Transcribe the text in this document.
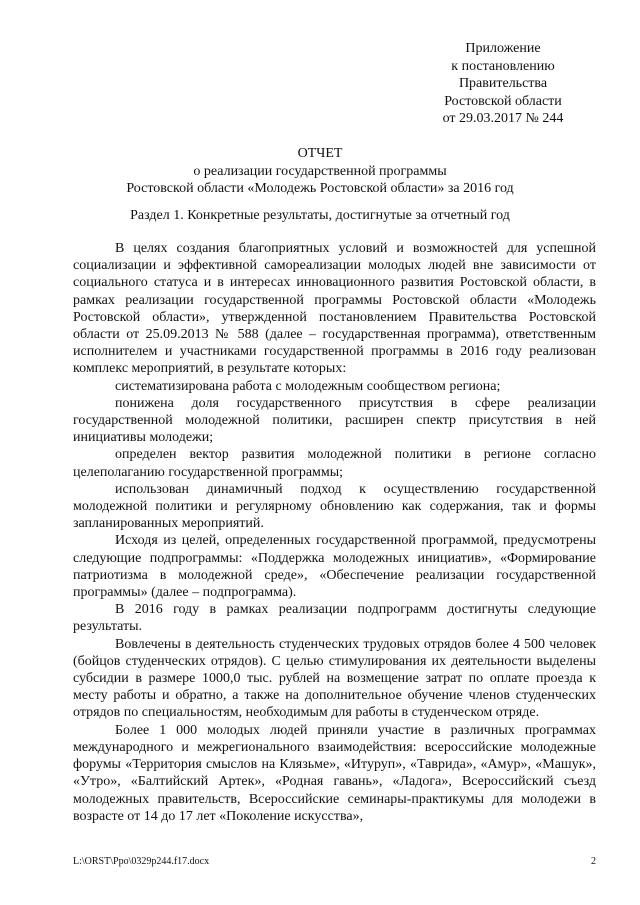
Приложение
к постановлению
Правительства
Ростовской области
от 29.03.2017 № 244
ОТЧЕТ
о реализации государственной программы
Ростовской области «Молодежь Ростовской области» за 2016 год
Раздел 1. Конкретные результаты, достигнутые за отчетный год

В целях создания благоприятных условий и возможностей для успешной социализации и эффективной самореализации молодых людей вне зависимости от социального статуса и в интересах инновационного развития Ростовской области, в рамках реализации государственной программы Ростовской области «Молодежь Ростовской области», утвержденной постановлением Правительства Ростовской области от 25.09.2013 № 588 (далее – государственная программа), ответственным исполнителем и участниками государственной программы в 2016 году реализован комплекс мероприятий, в результате которых:

систематизирована работа с молодежным сообществом региона;

понижена доля государственного присутствия в сфере реализации государственной молодежной политики, расширен спектр присутствия в ней инициативы молодежи;

определен вектор развития молодежной политики в регионе согласно целеполаганию государственной программы;

использован динамичный подход к осуществлению государственной молодежной политики и регулярному обновлению как содержания, так и формы запланированных мероприятий.

Исходя из целей, определенных государственной программой, предусмотрены следующие подпрограммы: «Поддержка молодежных инициатив», «Формирование патриотизма в молодежной среде», «Обеспечение реализации государственной программы» (далее – подпрограмма).

В 2016 году в рамках реализации подпрограмм достигнуты следующие результаты.

Вовлечены в деятельность студенческих трудовых отрядов более 4 500 человек (бойцов студенческих отрядов). С целью стимулирования их деятельности выделены субсидии в размере 1000,0 тыс. рублей на возмещение затрат по оплате проезда к месту работы и обратно, а также на дополнительное обучение членов студенческих отрядов по специальностям, необходимым для работы в студенческом отряде.

Более 1 000 молодых людей приняли участие в различных программах международного и межрегионального взаимодействия: всероссийские молодежные форумы «Территория смыслов на Клязьме», «Итуруп», «Таврида», «Амур», «Машук», «Утро», «Балтийский Артек», «Родная гавань», «Ладога», Всероссийский съезд молодежных правительств, Всероссийские семинары-практикумы для молодежи в возрасте от 14 до 17 лет «Поколение искусства»,

L:\ORST\Ppo\0329p244.f17.docx	2
